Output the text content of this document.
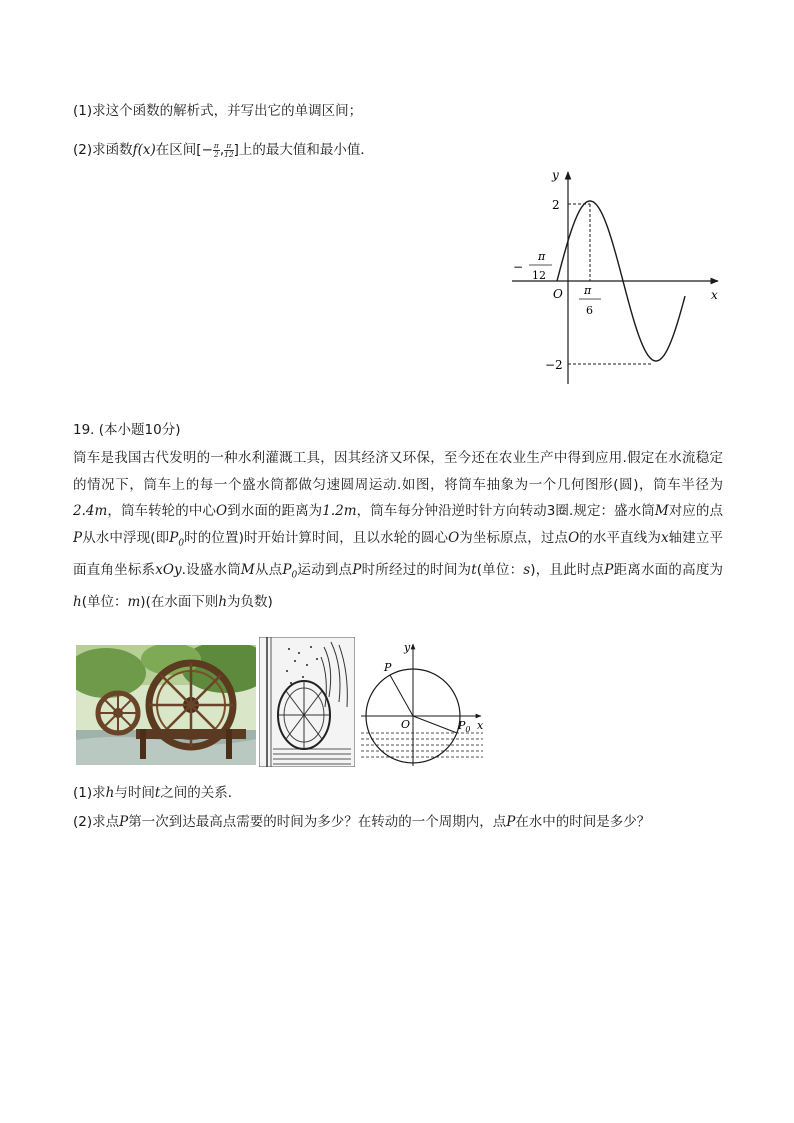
(1)求这个函数的解析式，并写出它的单调区间；
(2)求函数f(x)在区间[− $\frac{\pi}{2}$ , $\frac{\pi}{12}$ ]上的最大值和最小值．
y
x
O
2
−2
−
π
12
π
6
19. (本小题10分)
筒车是我国古代发明的一种水利灌溉工具，因其经济又环保，至今还在农业生产中得到应用.假定在水流稳定的情况下，筒车上的每一个盛水筒都做匀速圆周运动.如图，将筒车抽象为一个几何图形(圆)，筒车半径为2.4m，筒车转轮的中心O到水面的距离为1.2m，筒车每分钟沿逆时针方向转动3圈.规定：盛水筒M对应的点P从水中浮现(即$P_0$时的位置)时开始计算时间，且以水轮的圆心O为坐标原点，过点O的水平直线为x轴建立平面直角坐标系xOy.设盛水筒M从点$P_0$运动到点P时所经过的时间为t(单位：s)，且此时点P距离水面的高度为h(单位：m)(在水面下则h为负数)
y
x
O
P
$P_0$
(1)求h与时间t之间的关系．
(2)求点P第一次到达最高点需要的时间为多少？在转动的一个周期内，点P在水中的时间是多少？
